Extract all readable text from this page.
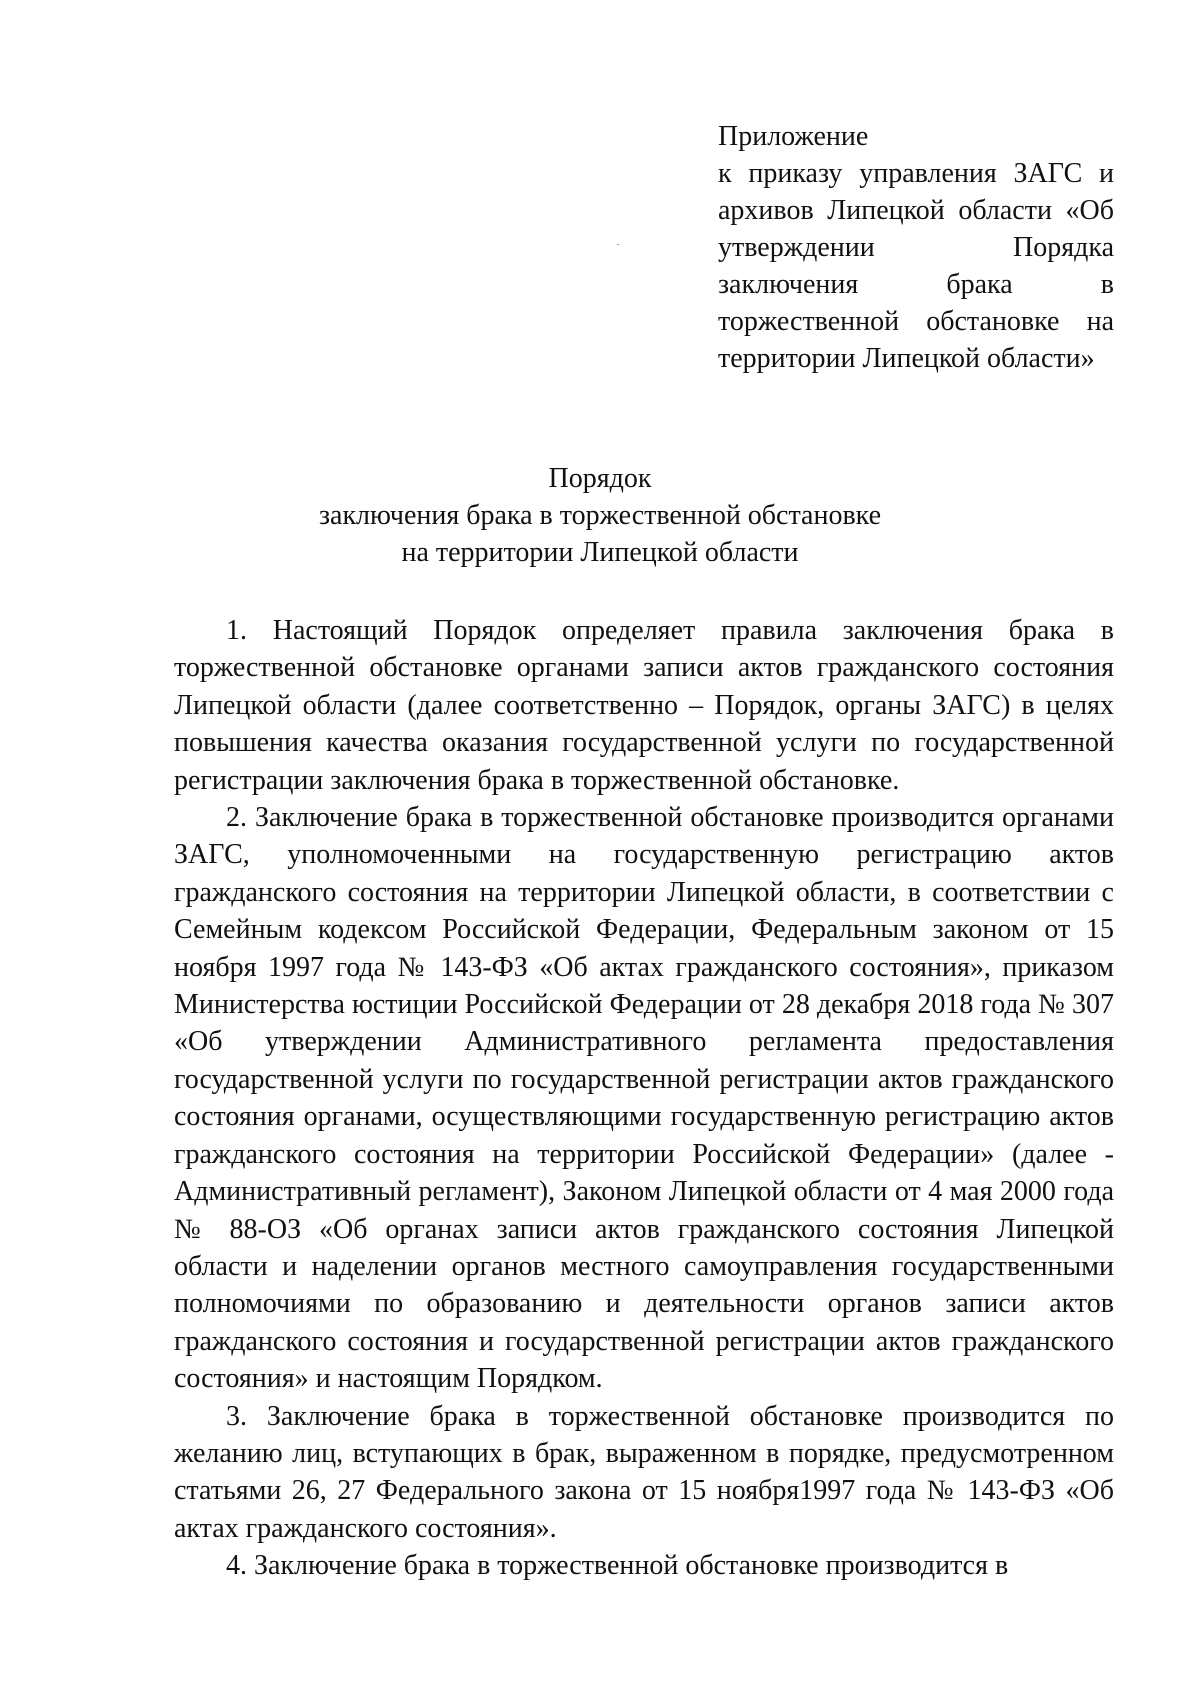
Приложение
к приказу управления ЗАГС и
архивов Липецкой области «Об
утверждении Порядка
заключения брака в
торжественной обстановке на
территории Липецкой области»
Порядок
заключения брака в торжественной обстановке
на территории Липецкой области

1. Настоящий Порядок определяет правила заключения брака в торжественной обстановке органами записи актов гражданского состояния Липецкой области (далее соответственно – Порядок, органы ЗАГС) в целях повышения качества оказания государственной услуги по государственной регистрации заключения брака в торжественной обстановке.

2. Заключение брака в торжественной обстановке производится органами ЗАГС, уполномоченными на государственную регистрацию актов гражданского состояния на территории Липецкой области, в соответствии с Семейным кодексом Российской Федерации, Федеральным законом от 15 ноября 1997 года № 143-ФЗ «Об актах гражданского состояния», приказом Министерства юстиции Российской Федерации от 28 декабря 2018 года № 307 «Об утверждении Административного регламента предоставления государственной услуги по государственной регистрации актов гражданского состояния органами, осуществляющими государственную регистрацию актов гражданского состояния на территории Российской Федерации» (далее - Административный регламент), Законом Липецкой области от 4 мая 2000 года № 88-ОЗ «Об органах записи актов гражданского состояния Липецкой области и наделении органов местного самоуправления государственными полномочиями по образованию и деятельности органов записи актов гражданского состояния и государственной регистрации актов гражданского состояния» и настоящим Порядком.

3. Заключение брака в торжественной обстановке производится по желанию лиц, вступающих в брак, выраженном в порядке, предусмотренном статьями 26, 27 Федерального закона от 15 ноября1997 года № 143-ФЗ «Об актах гражданского состояния».

4. Заключение брака в торжественной обстановке производится в
